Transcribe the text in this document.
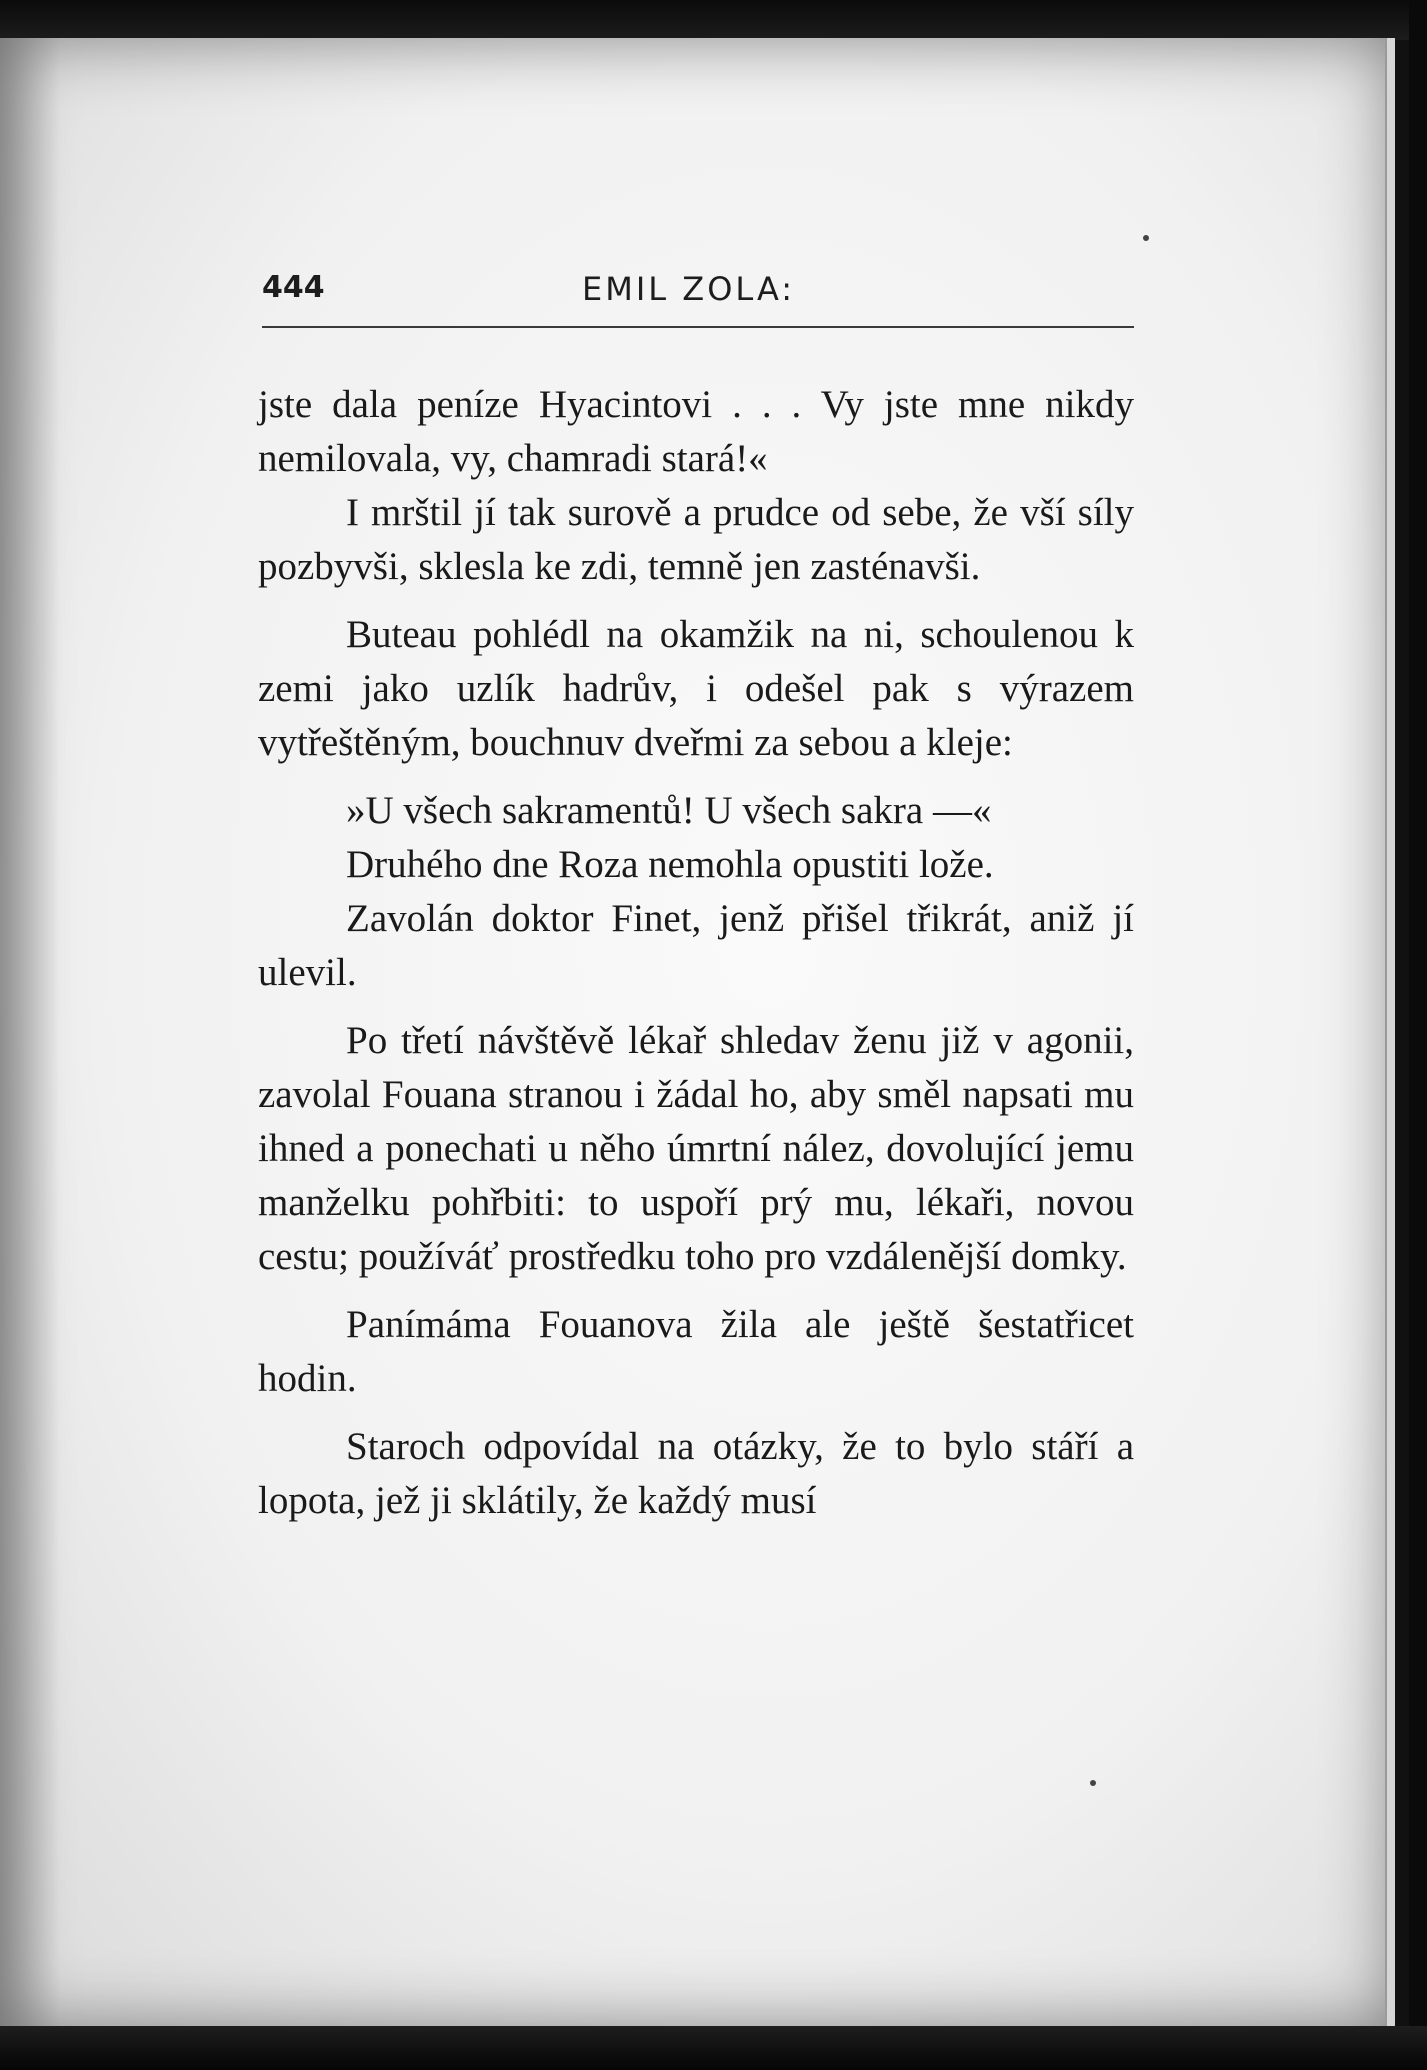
444	EMIL ZOLA:

jste dala peníze Hyacintovi . . . Vy jste mne nikdy nemilovala, vy, chamradi stará!«

I mrštil jí tak surově a prudce od sebe, že vší síly pozbyvši, sklesla ke zdi, temně jen zasténavši.

Buteau pohlédl na okamžik na ni, schoulenou k zemi jako uzlík hadrův, i odešel pak s výrazem vytřeštěným, bouchnuv dveřmi za sebou a kleje:

»U všech sakramentů! U všech sakra —«

Druhého dne Roza nemohla opustiti lože.

Zavolán doktor Finet, jenž přišel třikrát, aniž jí ulevil.

Po třetí návštěvě lékař shledav ženu již v agonii, zavolal Fouana stranou i žádal ho, aby směl napsati mu ihned a ponechati u něho úmrtní nález, dovolující jemu manželku pohřbiti: to uspoří prý mu, lékaři, novou cestu; používáť prostředku toho pro vzdálenější domky.

Panímáma Fouanova žila ale ještě šestatřicet hodin.

Staroch odpovídal na otázky, že to bylo stáří a lopota, jež ji sklátily, že každý musí
